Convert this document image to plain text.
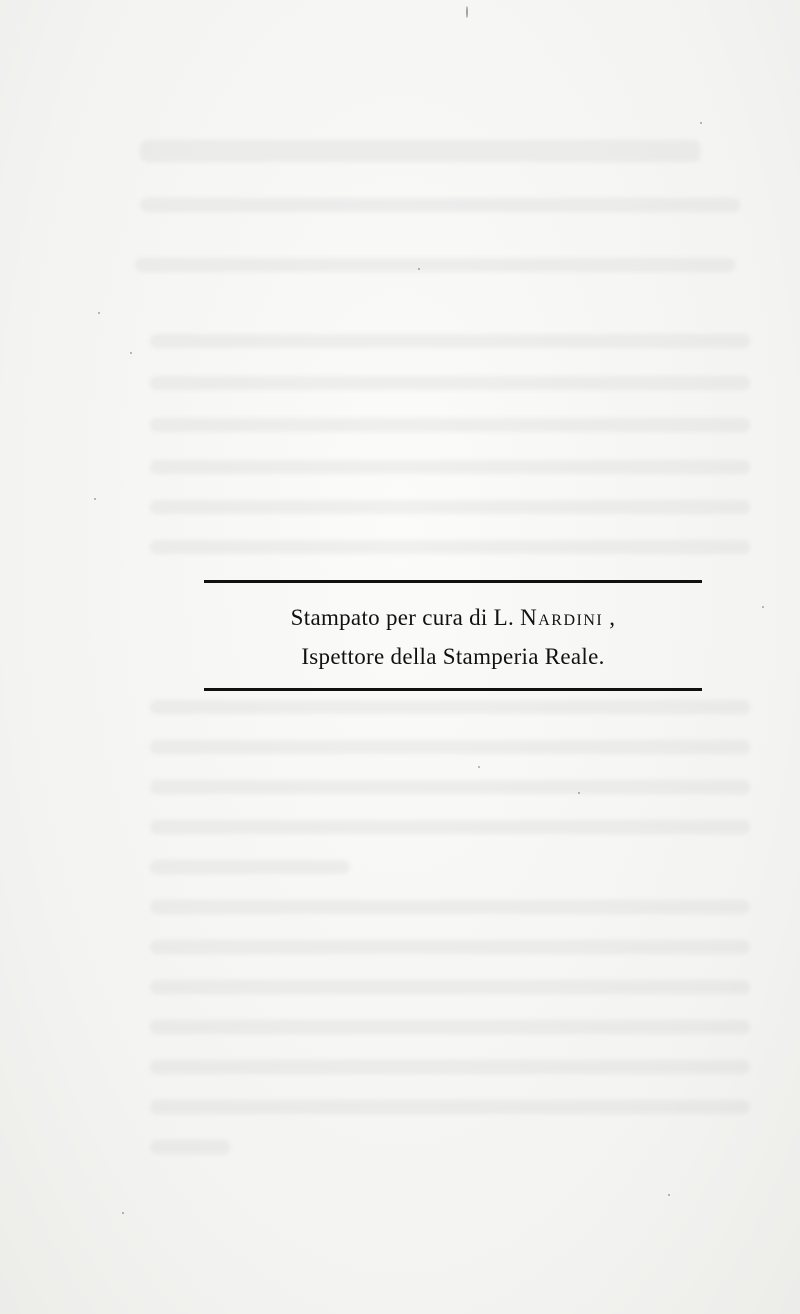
Stampato per cura di L. Nardini ,
Ispettore della Stamperia Reale.
